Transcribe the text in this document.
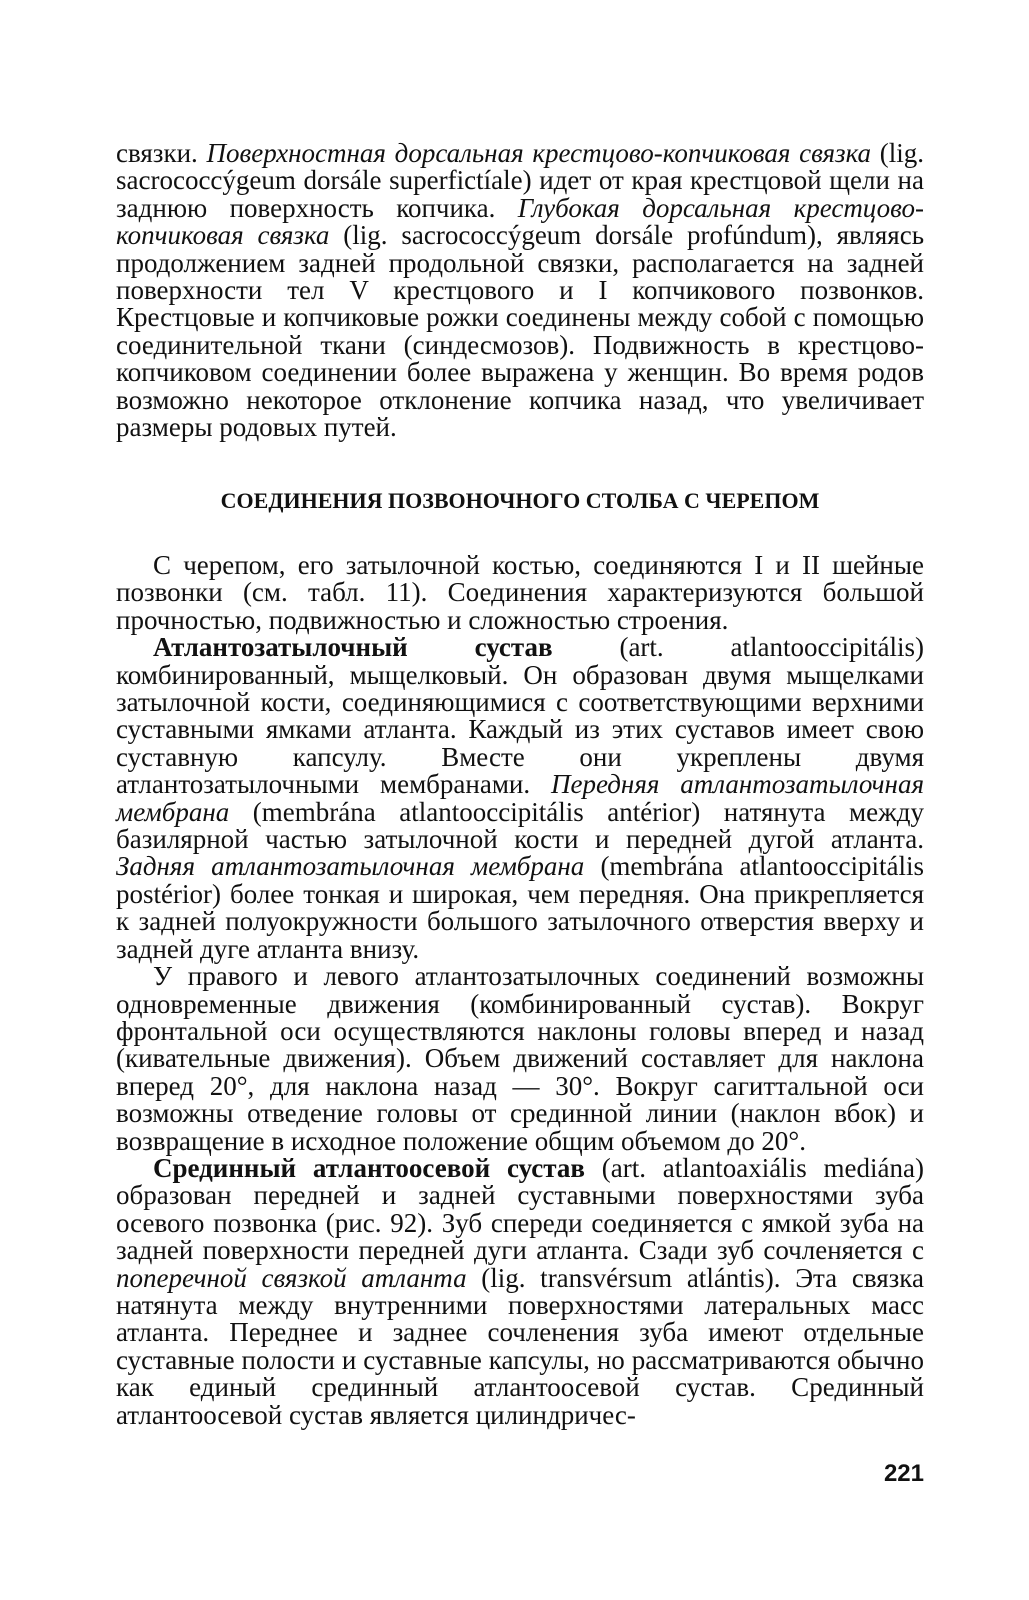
связки. Поверхностная дорсальная крестцово-копчиковая связка (lig. sacrococcýgeum dorsále superfictíale) идет от края крестцовой щели на заднюю поверхность копчика. Глубокая дорсальная крестцово-копчиковая связка (lig. sacrococcýgeum dorsále profúndum), являясь продолжением задней продольной связки, располагается на задней поверхности тел V крестцового и I копчикового позвонков. Крестцовые и копчиковые рожки соединены между собой с помощью соединительной ткани (синдесмозов). Подвижность в крестцово-копчиковом соединении более выражена у женщин. Во время родов возможно некоторое отклонение копчика назад, что увеличивает размеры родовых путей.

СОЕДИНЕНИЯ ПОЗВОНОЧНОГО СТОЛБА С ЧЕРЕПОМ

С черепом, его затылочной костью, соединяются I и II шейные позвонки (см. табл. 11). Соединения характеризуются большой прочностью, подвижностью и сложностью строения.

Атлантозатылочный сустав (art. atlantooccipitális) комбинированный, мыщелковый. Он образован двумя мыщелками затылочной кости, соединяющимися с соответствующими верхними суставными ямками атланта. Каждый из этих суставов имеет свою суставную капсулу. Вместе они укреплены двумя атлантозатылочными мембранами. Передняя атлантозатылочная мембрана (membrána atlantooccipitális antérior) натянута между базилярной частью затылочной кости и передней дугой атланта. Задняя атлантозатылочная мембрана (membrána atlantooccipitális postérior) более тонкая и широкая, чем передняя. Она прикрепляется к задней полуокружности большого затылочного отверстия вверху и задней дуге атланта внизу.

У правого и левого атлантозатылочных соединений возможны одновременные движения (комбинированный сустав). Вокруг фронтальной оси осуществляются наклоны головы вперед и назад (кивательные движения). Объем движений составляет для наклона вперед 20°, для наклона назад — 30°. Вокруг сагиттальной оси возможны отведение головы от срединной линии (наклон вбок) и возвращение в исходное положение общим объемом до 20°.

Срединный атлантоосевой сустав (art. atlantoaxiális mediána) образован передней и задней суставными поверхностями зуба осевого позвонка (рис. 92). Зуб спереди соединяется с ямкой зуба на задней поверхности передней дуги атланта. Сзади зуб сочленяется с поперечной связкой атланта (lig. transvérsum atlántis). Эта связка натянута между внутренними поверхностями латеральных масс атланта. Переднее и заднее сочленения зуба имеют отдельные суставные полости и суставные капсулы, но рассматриваются обычно как единый срединный атлантоосевой сустав. Срединный атлантоосевой сустав является цилиндричес-

221
